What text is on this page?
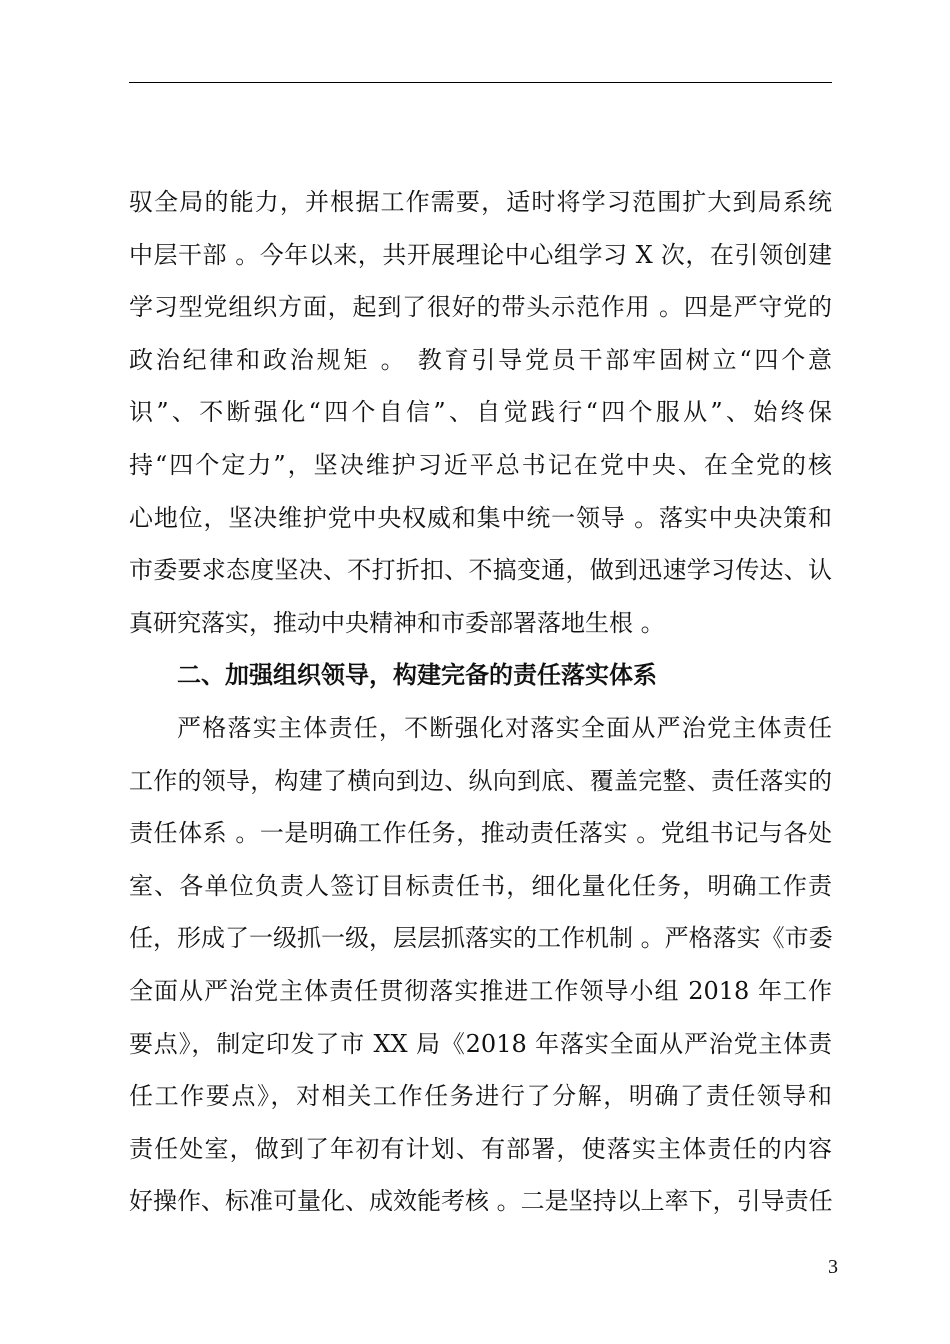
驭全局的能力，并根据工作需要，适时将学习范围扩大到局系统
中层干部 。今年以来，共开展理论中心组学习 X 次，在引领创建
学习型党组织方面，起到了很好的带头示范作用 。四是严守党的
政治纪律和政治规矩 。 教育引导党员干部牢固树立“四个意
识”、不断强化“四个自信”、自觉践行“四个服从”、始终保
持“四个定力”，坚决维护习近平总书记在党中央、在全党的核
心地位，坚决维护党中央权威和集中统一领导 。落实中央决策和
市委要求态度坚决、不打折扣、不搞变通，做到迅速学习传达、认
真研究落实，推动中央精神和市委部署落地生根 。
二、加强组织领导，构建完备的责任落实体系
严格落实主体责任，不断强化对落实全面从严治党主体责任
工作的领导，构建了横向到边、纵向到底、覆盖完整、责任落实的
责任体系 。一是明确工作任务，推动责任落实 。党组书记与各处
室、各单位负责人签订目标责任书，细化量化任务，明确工作责
任，形成了一级抓一级，层层抓落实的工作机制 。严格落实《市委
全面从严治党主体责任贯彻落实推进工作领导小组 2018 年工作
要点》，制定印发了市 XX 局《2018 年落实全面从严治党主体责
任工作要点》，对相关工作任务进行了分解，明确了责任领导和
责任处室，做到了年初有计划、有部署，使落实主体责任的内容
好操作、标准可量化、成效能考核 。二是坚持以上率下，引导责任
3
